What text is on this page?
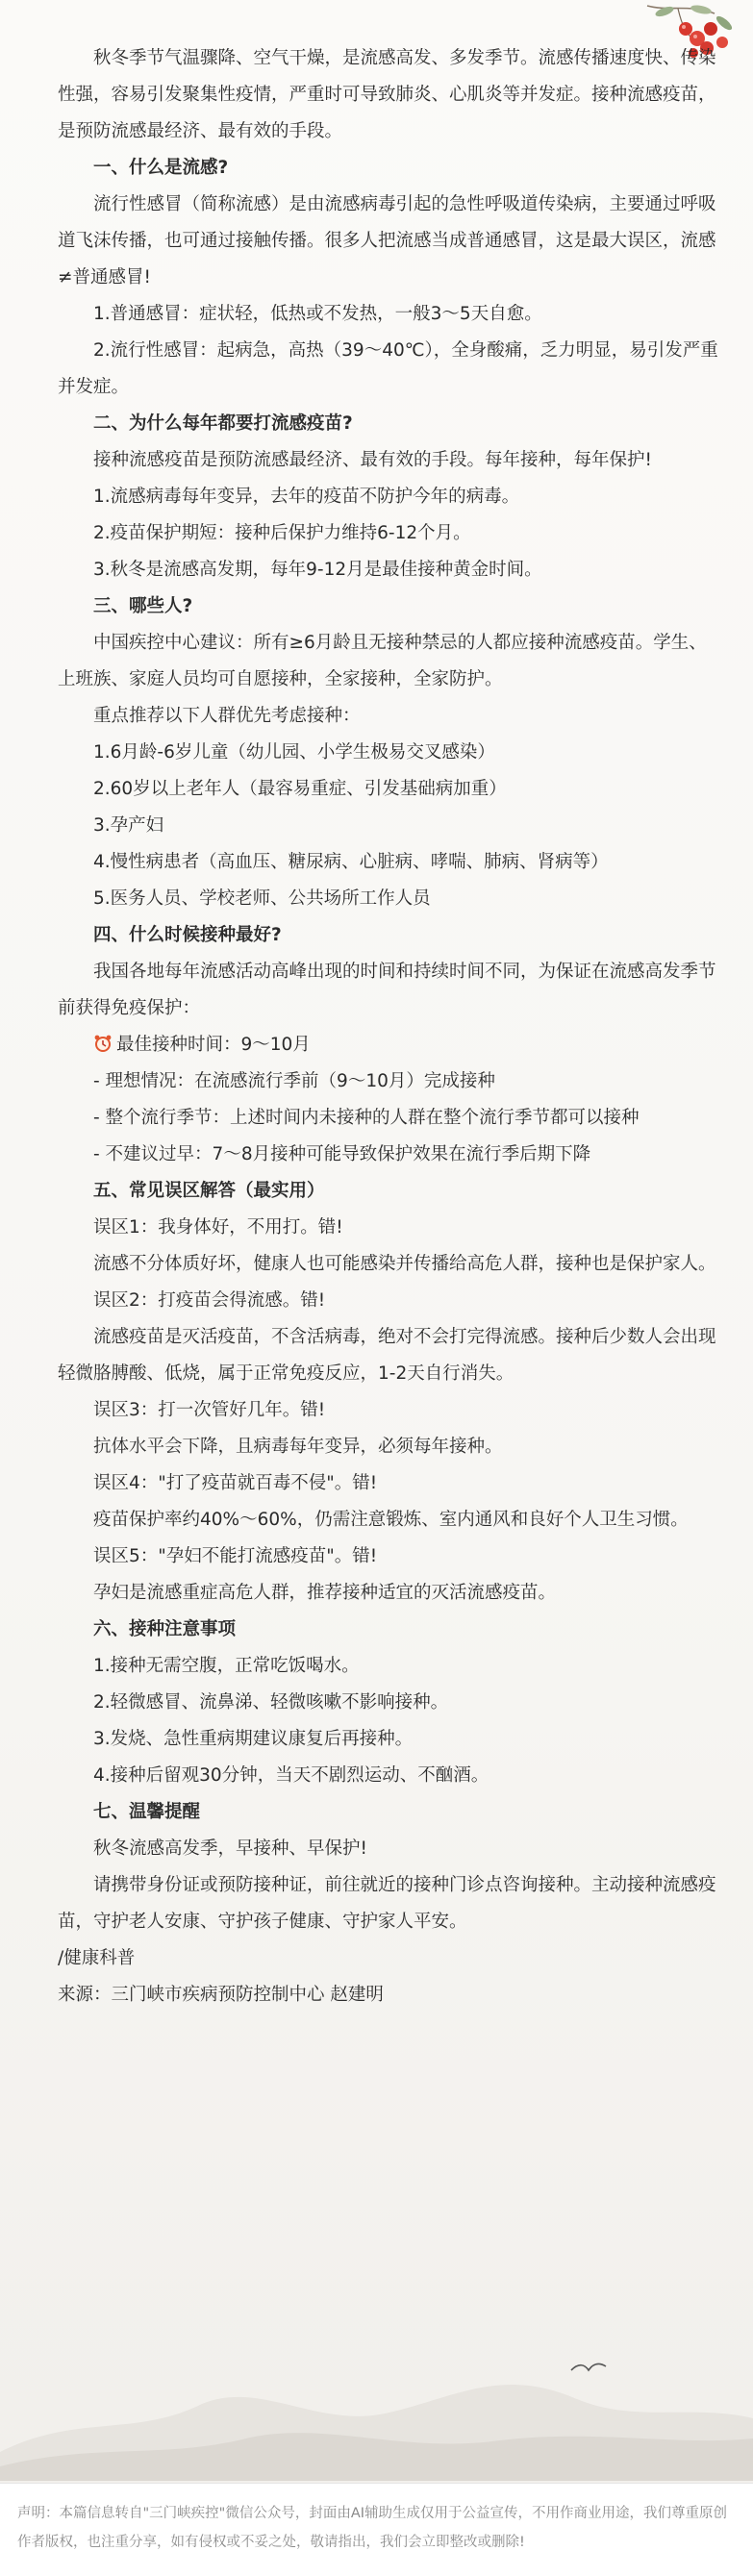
秋冬季节气温骤降、空气干燥，是流感高发、多发季节。流感传播速度快、传染性强，容易引发聚集性疫情，严重时可导致肺炎、心肌炎等并发症。接种流感疫苗，是预防流感最经济、最有效的手段。

一、什么是流感?

流行性感冒（简称流感）是由流感病毒引起的急性呼吸道传染病，主要通过呼吸道飞沫传播，也可通过接触传播。很多人把流感当成普通感冒，这是最大误区，流感≠普通感冒!

1.普通感冒：症状轻，低热或不发热，一般3～5天自愈。

2.流行性感冒：起病急，高热（39～40℃），全身酸痛，乏力明显，易引发严重并发症。

二、为什么每年都要打流感疫苗?

接种流感疫苗是预防流感最经济、最有效的手段。每年接种，每年保护!

1.流感病毒每年变异，去年的疫苗不防护今年的病毒。

2.疫苗保护期短：接种后保护力维持6-12个月。

3.秋冬是流感高发期，每年9-12月是最佳接种黄金时间。

三、哪些人?

中国疾控中心建议：所有≥6月龄且无接种禁忌的人都应接种流感疫苗。学生、上班族、家庭人员均可自愿接种，全家接种，全家防护。

重点推荐以下人群优先考虑接种：

1.6月龄-6岁儿童（幼儿园、小学生极易交叉感染）

2.60岁以上老年人（最容易重症、引发基础病加重）

3.孕产妇

4.慢性病患者（高血压、糖尿病、心脏病、哮喘、肺病、肾病等）

5.医务人员、学校老师、公共场所工作人员

四、什么时候接种最好?

我国各地每年流感活动高峰出现的时间和持续时间不同，为保证在流感高发季节前获得免疫保护：

最佳接种时间：9～10月

- 理想情况：在流感流行季前（9～10月）完成接种

- 整个流行季节：上述时间内未接种的人群在整个流行季节都可以接种

- 不建议过早：7～8月接种可能导致保护效果在流行季后期下降

五、常见误区解答（最实用）

误区1：我身体好，不用打。错!

流感不分体质好坏，健康人也可能感染并传播给高危人群，接种也是保护家人。

误区2：打疫苗会得流感。错!

流感疫苗是灭活疫苗，不含活病毒，绝对不会打完得流感。接种后少数人会出现轻微胳膊酸、低烧，属于正常免疫反应，1-2天自行消失。

误区3：打一次管好几年。错!

抗体水平会下降，且病毒每年变异，必须每年接种。

误区4："打了疫苗就百毒不侵"。错!

疫苗保护率约40%～60%，仍需注意锻炼、室内通风和良好个人卫生习惯。

误区5："孕妇不能打流感疫苗"。错!

孕妇是流感重症高危人群，推荐接种适宜的灭活流感疫苗。

六、接种注意事项

1.接种无需空腹，正常吃饭喝水。

2.轻微感冒、流鼻涕、轻微咳嗽不影响接种。

3.发烧、急性重病期建议康复后再接种。

4.接种后留观30分钟，当天不剧烈运动、不酗酒。

七、温馨提醒

秋冬流感高发季，早接种、早保护!

请携带身份证或预防接种证，前往就近的接种门诊点咨询接种。主动接种流感疫苗，守护老人安康、守护孩子健康、守护家人平安。

/健康科普

来源：三门峡市疾病预防控制中心 赵建明

声明：本篇信息转自"三门峡疾控"微信公众号，封面由AI辅助生成仅用于公益宣传，不用作商业用途，我们尊重原创作者版权，也注重分享，如有侵权或不妥之处，敬请指出，我们会立即整改或删除!
